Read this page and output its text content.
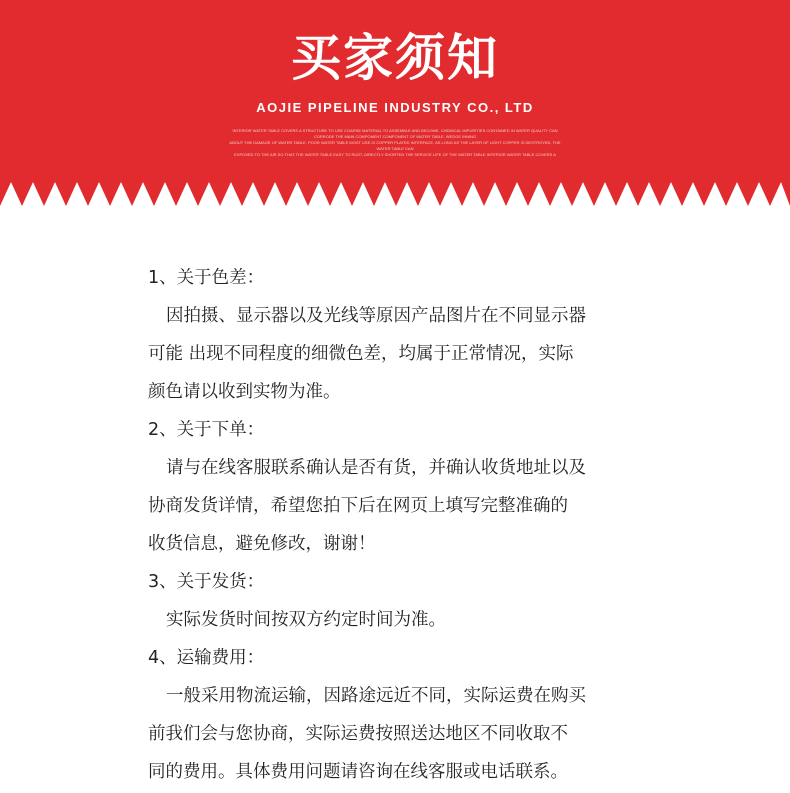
买家须知
AOJIE PIPELINE INDUSTRY CO., LTD
INTERIOR WATER TABLE COVERS A STRUCTURE TO USE COARSE MATERIAL TO ASSEMBLE AND BECOME. CHEMICAL IMPURITIES CONTAINED IN WATER QUALITY CAN
CORRODE THE MAIN COMPONENT COMPONENT OF WATER TABLE, WEDGE INNING
ABOUT THE DAMAGE OF WATER TABLE, POOR WATER TABLE MOST USE IS COPPER PLATED INTERFACE, AS LONG AS THE LAYER OF LIGHT COPPER IS DESTROYED, THE
WATER TABLE CAN
EXPOSED TO THE AIR SO THAT THE WATER TABLE EASY TO RUST, DIRECTLY SHORTEN THE SERVICE LIFE OF THE WATER TABLE INTERIOR WATER TABLE COVERS A
1、关于色差：
因拍摄、显示器以及光线等原因产品图片在不同显示器
可能 出现不同程度的细微色差，均属于正常情况，实际
颜色请以收到实物为准。
2、关于下单：
请与在线客服联系确认是否有货，并确认收货地址以及
协商发货详情，希望您拍下后在网页上填写完整准确的
收货信息，避免修改，谢谢！
3、关于发货：
实际发货时间按双方约定时间为准。
4、运输费用：
一般采用物流运输，因路途远近不同，实际运费在购买
前我们会与您协商，实际运费按照送达地区不同收取不
同的费用。具体费用问题请咨询在线客服或电话联系。
